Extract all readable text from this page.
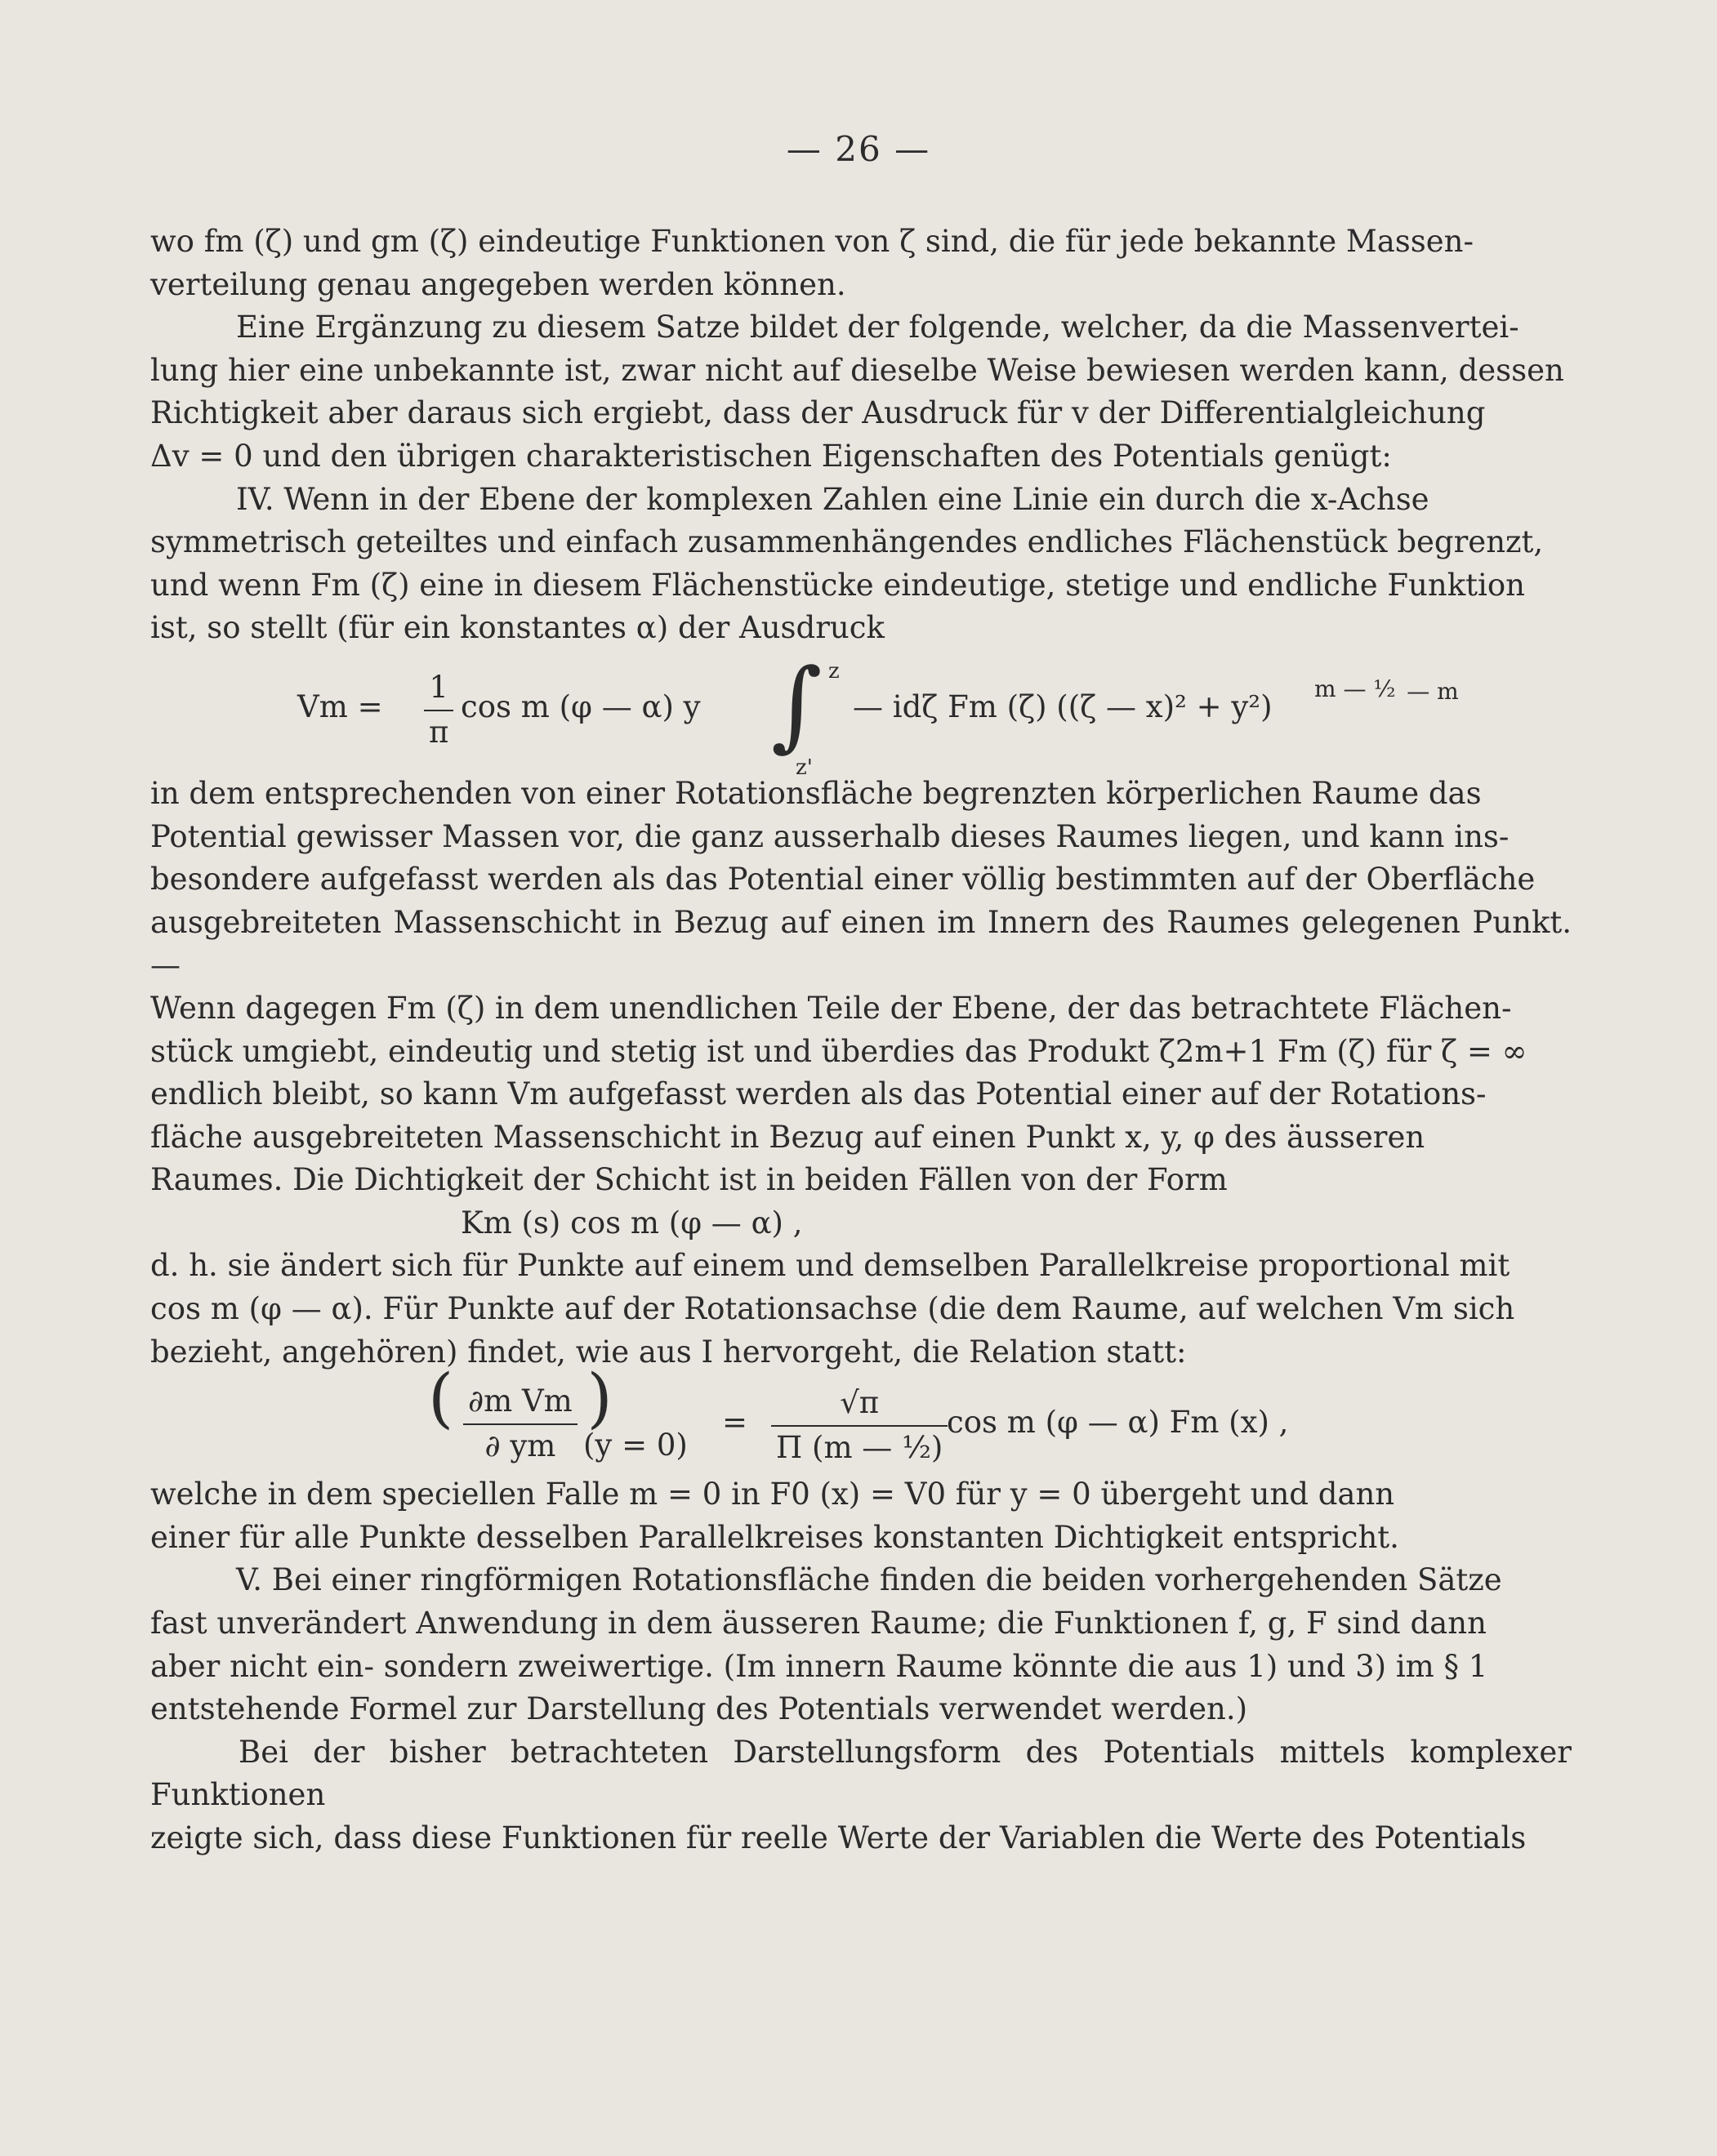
— 26 —

wo fm (ζ) und gm (ζ) eindeutige Funktionen von ζ sind, die für jede bekannte Massen-

verteilung genau angegeben werden können.

Eine Ergänzung zu diesem Satze bildet der folgende, welcher, da die Massenvertei-

lung hier eine unbekannte ist, zwar nicht auf dieselbe Weise bewiesen werden kann, dessen

Richtigkeit aber daraus sich ergiebt, dass der Ausdruck für v der Differentialgleichung

Δv = 0 und den übrigen charakteristischen Eigenschaften des Potentials genügt:

IV. Wenn in der Ebene der komplexen Zahlen eine Linie ein durch die x-Achse

symmetrisch geteiltes und einfach zusammenhängendes endliches Flächenstück begrenzt,

und wenn Fm (ζ) eine in diesem Flächenstücke eindeutige, stetige und endliche Funktion

ist, so stellt (für ein konstantes α) der Ausdruck

$Vm = \frac{1}{\pi}$ cos m (φ — α) y	$_{— m}$
∫ z
z'
— idζ Fm (ζ) ((ζ — x)² + y²)
m — ½

in dem entsprechenden von einer Rotationsfläche begrenzten körperlichen Raume das

Potential gewisser Massen vor, die ganz ausserhalb dieses Raumes liegen, und kann ins-

besondere aufgefasst werden als das Potential einer völlig bestimmten auf der Oberfläche

ausgebreiteten Massenschicht in Bezug auf einen im Innern des Raumes gelegenen Punkt. —

Wenn dagegen Fm (ζ) in dem unendlichen Teile der Ebene, der das betrachtete Flächen-

stück umgiebt, eindeutig und stetig ist und überdies das Produkt ζ2m+1 Fm (ζ) für ζ = ∞

endlich bleibt, so kann Vm aufgefasst werden als das Potential einer auf der Rotations-

fläche ausgebreiteten Massenschicht in Bezug auf einen Punkt x, y, φ des äusseren

Raumes. Die Dichtigkeit der Schicht ist in beiden Fällen von der Form

Km (s) cos m (φ — α) ,

d. h. sie ändert sich für Punkte auf einem und demselben Parallelkreise proportional mit

cos m (φ — α). Für Punkte auf der Rotationsachse (die dem Raume, auf welchen Vm sich

bezieht, angehören) findet, wie aus I hervorgeht, die Relation statt:

( $\frac{\text{∂m Vm}}{\partial ym}$ )
(y = 0)
= $\frac{√\pi}{\text{Π (m — ½)}}$
cos m (φ — α) Fm (x) ,

welche in dem speciellen Falle m = 0 in F0 (x) = V0 für y = 0 übergeht und dann

einer für alle Punkte desselben Parallelkreises konstanten Dichtigkeit entspricht.

V. Bei einer ringförmigen Rotationsfläche finden die beiden vorhergehenden Sätze

fast unverändert Anwendung in dem äusseren Raume; die Funktionen f, g, F sind dann

aber nicht ein- sondern zweiwertige. (Im innern Raume könnte die aus 1) und 3) im § 1

entstehende Formel zur Darstellung des Potentials verwendet werden.)

Bei der bisher betrachteten Darstellungsform des Potentials mittels komplexer Funktionen

zeigte sich, dass diese Funktionen für reelle Werte der Variablen die Werte des Potentials
